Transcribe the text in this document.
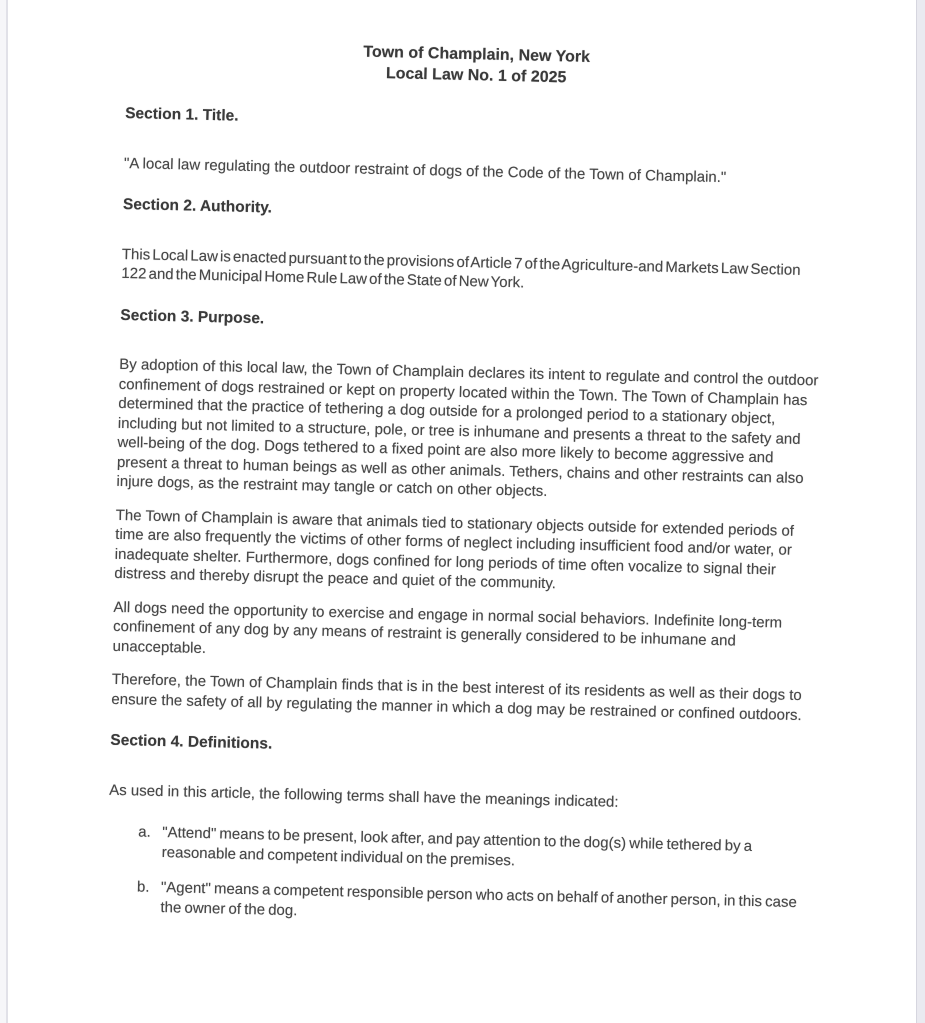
Town of Champlain, New York
Local Law No. 1 of 2025
Section 1. Title.

"A local law regulating the outdoor restraint of dogs of the Code of the Town of Champlain."

Section 2. Authority.

This Local Law is enacted pursuant to the provisions of Article 7 of the Agriculture-and Markets Law Section 122 and the Municipal Home Rule Law of the State of New York.

Section 3. Purpose.

By adoption of this local law, the Town of Champlain declares its intent to regulate and control the outdoor confinement of dogs restrained or kept on property located within the Town. The Town of Champlain has determined that the practice of tethering a dog outside for a prolonged period to a stationary object, including but not limited to a structure, pole, or tree is inhumane and presents a threat to the safety and well-being of the dog. Dogs tethered to a fixed point are also more likely to become aggressive and present a threat to human beings as well as other animals. Tethers, chains and other restraints can also injure dogs, as the restraint may tangle or catch on other objects.

The Town of Champlain is aware that animals tied to stationary objects outside for extended periods of time are also frequently the victims of other forms of neglect including insufficient food and/or water, or inadequate shelter. Furthermore, dogs confined for long periods of time often vocalize to signal their distress and thereby disrupt the peace and quiet of the community.

All dogs need the opportunity to exercise and engage in normal social behaviors. Indefinite long-term confinement of any dog by any means of restraint is generally considered to be inhumane and unacceptable.

Therefore, the Town of Champlain finds that is in the best interest of its residents as well as their dogs to ensure the safety of all by regulating the manner in which a dog may be restrained or confined outdoors.

Section 4. Definitions.

As used in this article, the following terms shall have the meanings indicated:

a. "Attend" means to be present, look after, and pay attention to the dog(s) while tethered by a reasonable and competent individual on the premises.
b. "Agent" means a competent responsible person who acts on behalf of another person, in this case the owner of the dog.
